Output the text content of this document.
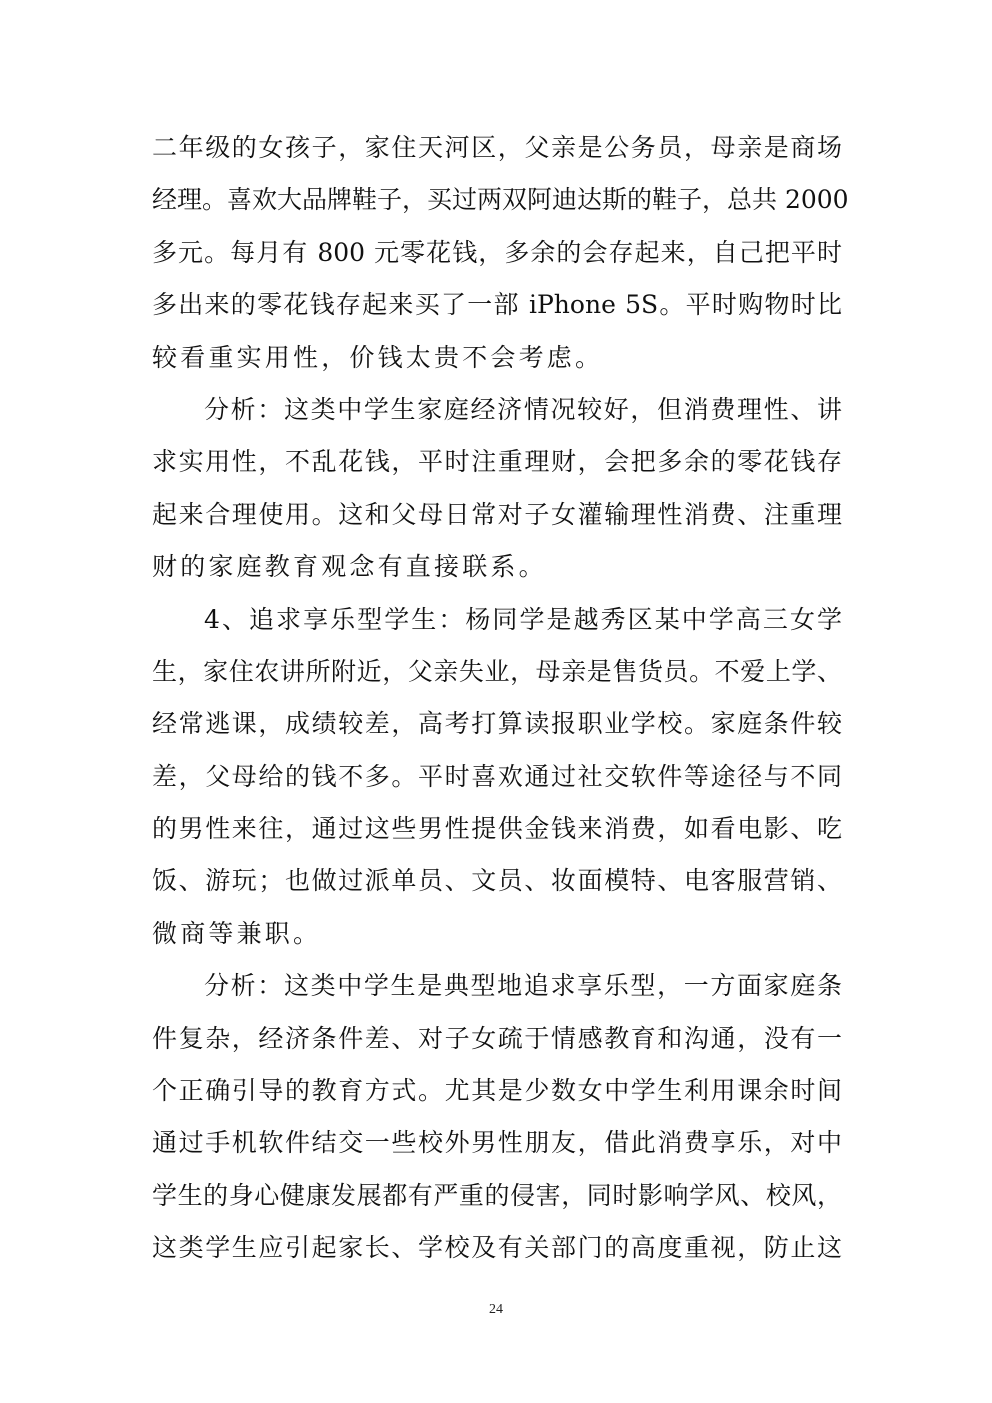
二年级的女孩子，家住天河区，父亲是公务员，母亲是商场
经理。喜欢大品牌鞋子，买过两双阿迪达斯的鞋子，总共 2000
多元。每月有 800 元零花钱，多余的会存起来，自己把平时
多出来的零花钱存起来买了一部 iPhone 5S。平时购物时比
较看重实用性，价钱太贵不会考虑。
分析：这类中学生家庭经济情况较好，但消费理性、讲
求实用性，不乱花钱，平时注重理财，会把多余的零花钱存
起来合理使用。这和父母日常对子女灌输理性消费、注重理
财的家庭教育观念有直接联系。
4、追求享乐型学生：杨同学是越秀区某中学高三女学
生，家住农讲所附近，父亲失业，母亲是售货员。不爱上学、
经常逃课，成绩较差，高考打算读报职业学校。家庭条件较
差，父母给的钱不多。平时喜欢通过社交软件等途径与不同
的男性来往，通过这些男性提供金钱来消费，如看电影、吃
饭、游玩；也做过派单员、文员、妆面模特、电客服营销、
微商等兼职。
分析：这类中学生是典型地追求享乐型，一方面家庭条
件复杂，经济条件差、对子女疏于情感教育和沟通，没有一
个正确引导的教育方式。尤其是少数女中学生利用课余时间
通过手机软件结交一些校外男性朋友，借此消费享乐，对中
学生的身心健康发展都有严重的侵害，同时影响学风、校风，
这类学生应引起家长、学校及有关部门的高度重视，防止这
24
